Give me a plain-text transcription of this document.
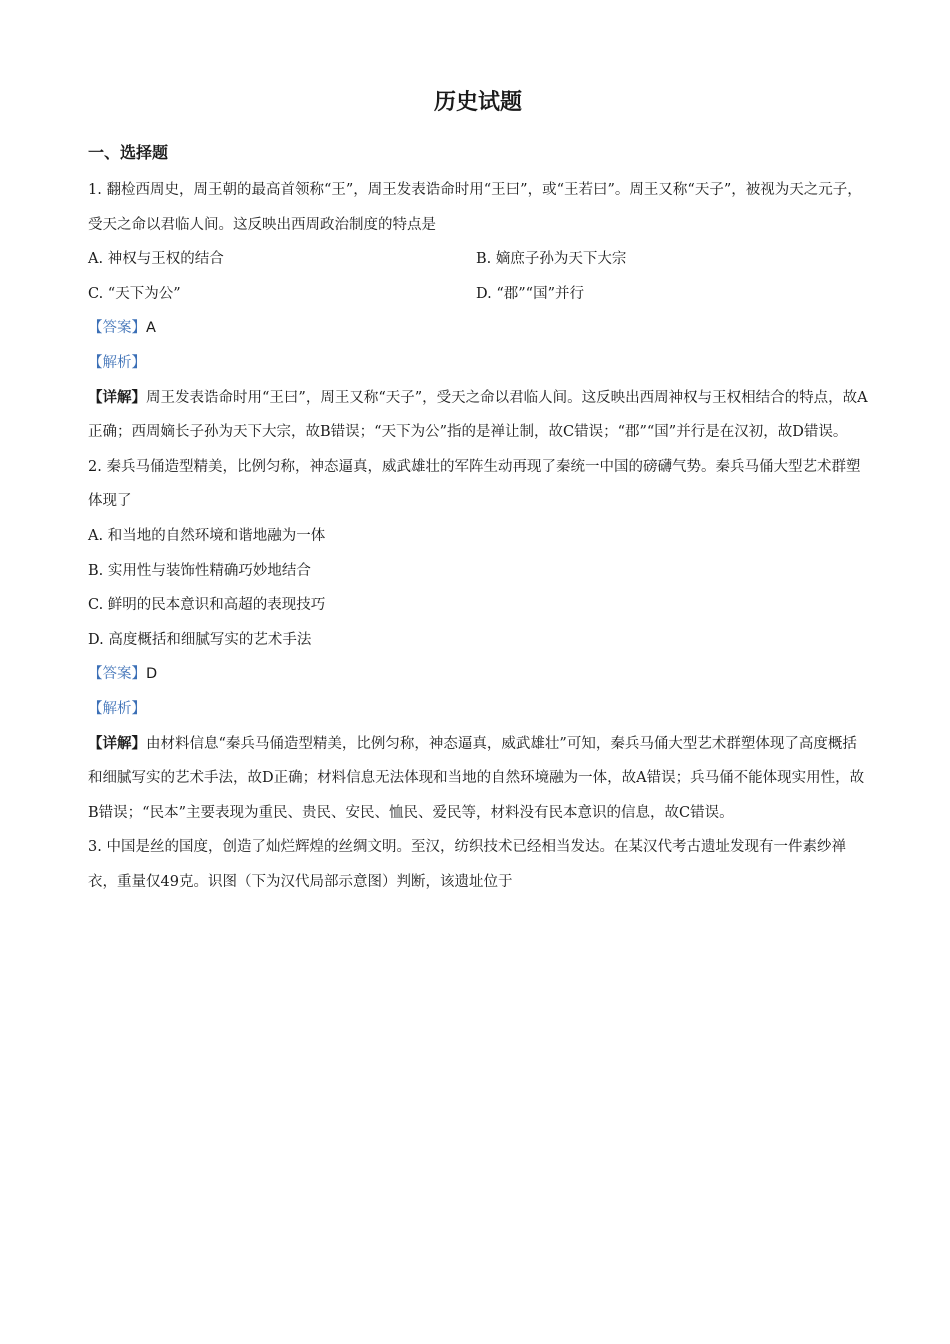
历史试题
一、选择题

1. 翻检西周史，周王朝的最高首领称“王”，周王发表诰命时用“王曰”，或“王若曰”。周王又称“天子”，被视为天之元子，受天之命以君临人间。这反映出西周政治制度的特点是

A. 神权与王权的结合	B. 嫡庶子孙为天下大宗

C. “天下为公”	D. “郡”“国”并行

【答案】A

【解析】

【详解】周王发表诰命时用“王曰”，周王又称“天子”，受天之命以君临人间。这反映出西周神权与王权相结合的特点，故A正确；西周嫡长子孙为天下大宗，故B错误；“天下为公”指的是禅让制，故C错误；“郡”“国”并行是在汉初，故D错误。

2. 秦兵马俑造型精美，比例匀称，神态逼真，威武雄壮的军阵生动再现了秦统一中国的磅礴气势。秦兵马俑大型艺术群塑体现了

A. 和当地的自然环境和谐地融为一体

B. 实用性与装饰性精确巧妙地结合

C. 鲜明的民本意识和高超的表现技巧

D. 高度概括和细腻写实的艺术手法

【答案】D

【解析】

【详解】由材料信息“秦兵马俑造型精美，比例匀称，神态逼真，威武雄壮”可知，秦兵马俑大型艺术群塑体现了高度概括和细腻写实的艺术手法，故D正确；材料信息无法体现和当地的自然环境融为一体，故A错误；兵马俑不能体现实用性，故B错误；“民本”主要表现为重民、贵民、安民、恤民、爱民等，材料没有民本意识的信息，故C错误。

3. 中国是丝的国度，创造了灿烂辉煌的丝绸文明。至汉，纺织技术已经相当发达。在某汉代考古遗址发现有一件素纱禅衣，重量仅49克。识图（下为汉代局部示意图）判断，该遗址位于
